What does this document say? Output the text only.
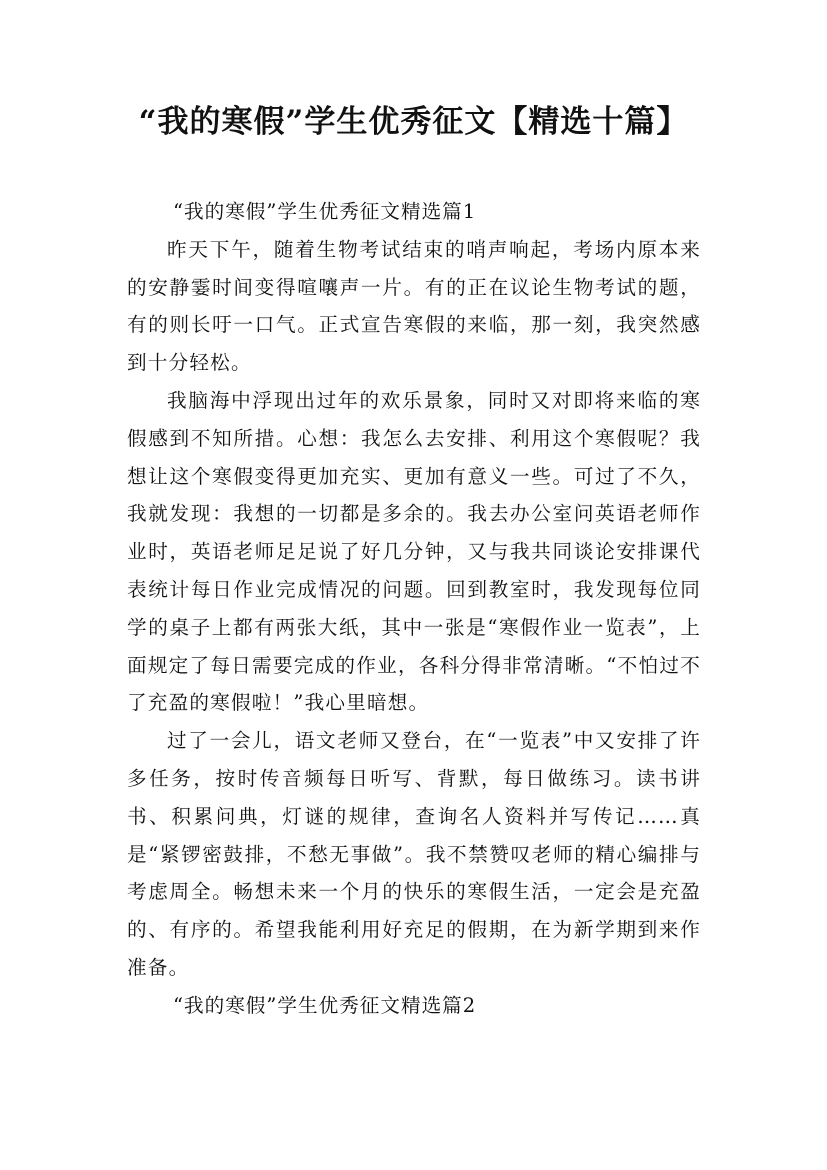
“我的寒假”学生优秀征文【精选十篇】

“我的寒假”学生优秀征文精选篇1

昨天下午，随着生物考试结束的哨声响起，考场内原本来的安静霎时间变得喧嚷声一片。有的正在议论生物考试的题，有的则长吁一口气。正式宣告寒假的来临，那一刻，我突然感到十分轻松。

我脑海中浮现出过年的欢乐景象，同时又对即将来临的寒假感到不知所措。心想：我怎么去安排、利用这个寒假呢？我想让这个寒假变得更加充实、更加有意义一些。可过了不久，我就发现：我想的一切都是多余的。我去办公室问英语老师作业时，英语老师足足说了好几分钟，又与我共同谈论安排课代表统计每日作业完成情况的问题。回到教室时，我发现每位同学的桌子上都有两张大纸，其中一张是“寒假作业一览表”，上面规定了每日需要完成的作业，各科分得非常清晰。“不怕过不了充盈的寒假啦！”我心里暗想。

过了一会儿，语文老师又登台，在“一览表”中又安排了许多任务，按时传音频每日听写、背默，每日做练习。读书讲书、积累问典，灯谜的规律，查询名人资料并写传记……真是“紧锣密鼓排，不愁无事做”。我不禁赞叹老师的精心编排与考虑周全。畅想未来一个月的快乐的寒假生活，一定会是充盈的、有序的。希望我能利用好充足的假期，在为新学期到来作准备。

“我的寒假”学生优秀征文精选篇2
